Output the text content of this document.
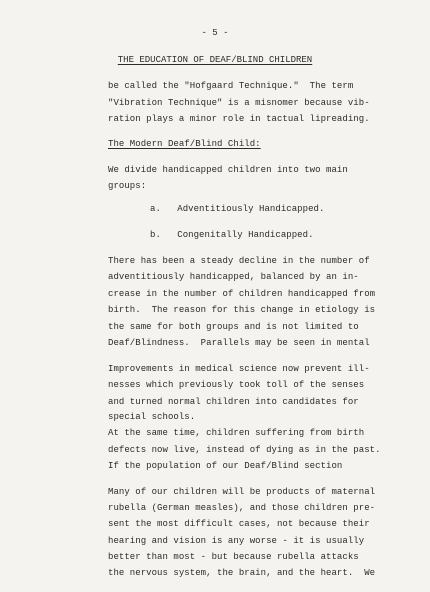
- 5 -
THE EDUCATION OF DEAF/BLIND CHILDREN
be called the "Hofgaard Technique."  The term
"Vibration Technique" is a misnomer because vib-
ration plays a minor role in tactual lipreading.
The Modern Deaf/Blind Child:
We divide handicapped children into two main
groups:
a.   Adventitiously Handicapped.
b.   Congenitally Handicapped.
There has been a steady decline in the number of
adventitiously handicapped, balanced by an in-
crease in the number of children handicapped from
birth.  The reason for this change in etiology is
the same for both groups and is not limited to
Deaf/Blindness.  Parallels may be seen in mental
Improvements in medical science now prevent ill-
nesses which previously took toll of the senses
and turned normal children into candidates for
special schools.
At the same time, children suffering from birth
defects now live, instead of dying as in the past.
If the population of our Deaf/Blind section
Many of our children will be products of maternal
rubella (German measles), and those children pre-
sent the most difficult cases, not because their
hearing and vision is any worse - it is usually
better than most - but because rubella attacks
the nervous system, the brain, and the heart.  We
